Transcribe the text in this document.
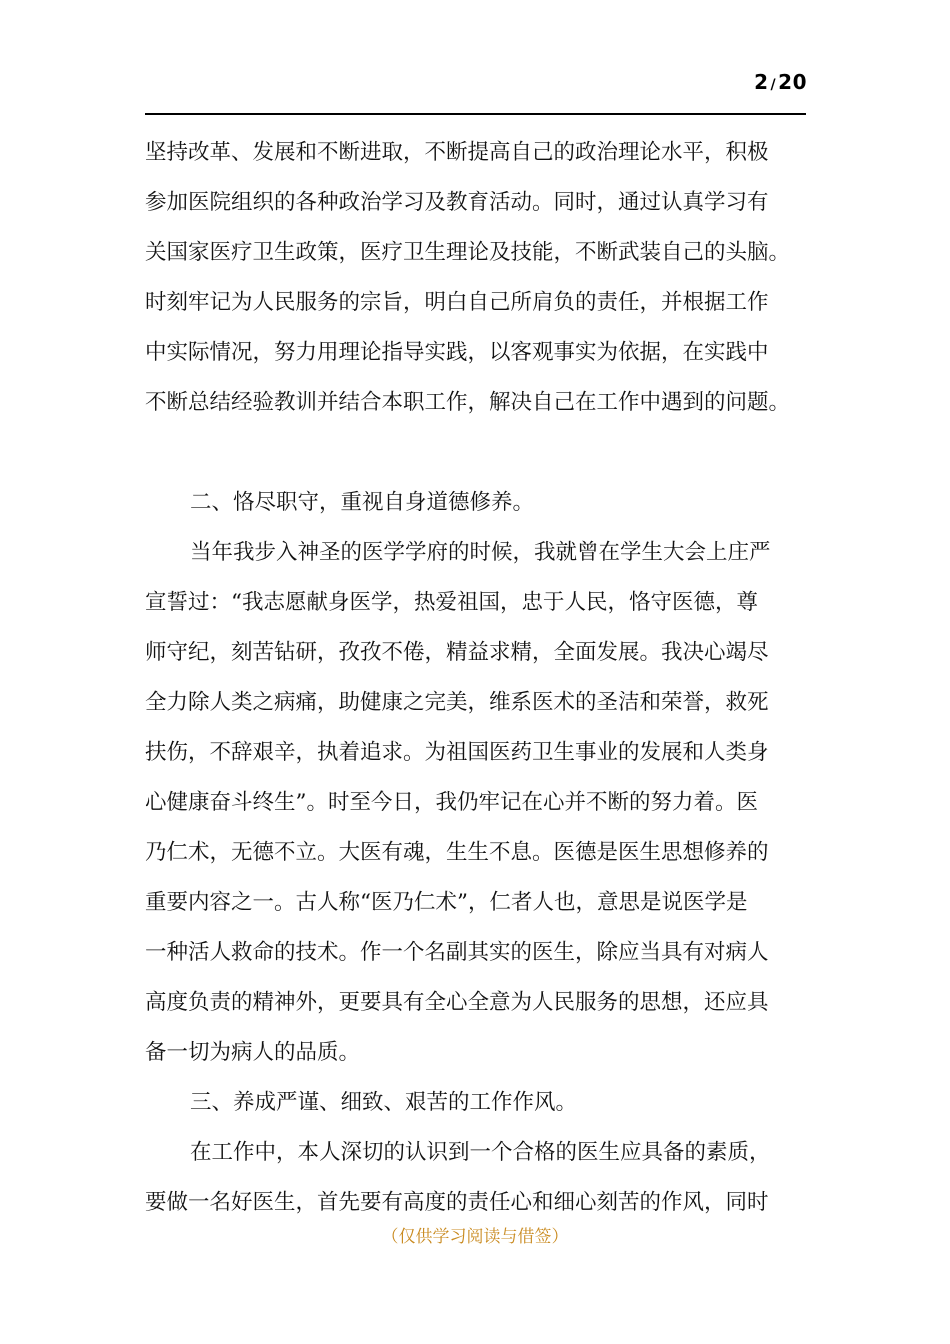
2 / 20

坚持改革、发展和不断进取，不断提高自己的政治理论水平，积极

参加医院组织的各种政治学习及教育活动。同时，通过认真学习有

关国家医疗卫生政策，医疗卫生理论及技能，不断武装自己的头脑。

时刻牢记为人民服务的宗旨，明白自己所肩负的责任，并根据工作

中实际情况，努力用理论指导实践，以客观事实为依据，在实践中

不断总结经验教训并结合本职工作，解决自己在工作中遇到的问题。

二、恪尽职守，重视自身道德修养。

当年我步入神圣的医学学府的时候，我就曾在学生大会上庄严

宣誓过：“我志愿献身医学，热爱祖国，忠于人民，恪守医德，尊

师守纪，刻苦钻研，孜孜不倦，精益求精，全面发展。我决心竭尽

全力除人类之病痛，助健康之完美，维系医术的圣洁和荣誉，救死

扶伤，不辞艰辛，执着追求。为祖国医药卫生事业的发展和人类身

心健康奋斗终生”。时至今日，我仍牢记在心并不断的努力着。医

乃仁术，无德不立。大医有魂，生生不息。医德是医生思想修养的

重要内容之一。古人称“医乃仁术”，仁者人也，意思是说医学是

一种活人救命的技术。作一个名副其实的医生，除应当具有对病人

高度负责的精神外，更要具有全心全意为人民服务的思想，还应具

备一切为病人的品质。

三、养成严谨、细致、艰苦的工作作风。

在工作中，本人深切的认识到一个合格的医生应具备的素质，

要做一名好医生，首先要有高度的责任心和细心刻苦的作风，同时

（仅供学习阅读与借签）
